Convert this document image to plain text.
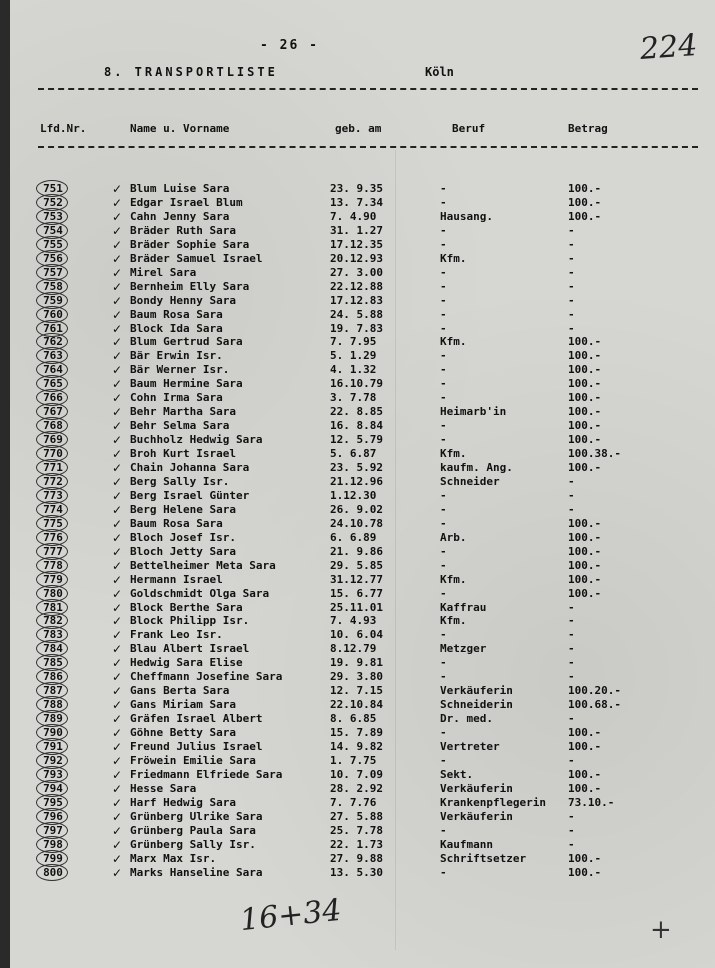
- 26 -	224
8. TRANSPORTLISTE	Köln
Lfd.Nr.	Name u. Vorname	geb. am	Beruf	Betrag
751	✓ Blum Luise Sara	23. 9.35	-	100.-
752	✓ Edgar Israel Blum	13. 7.34	-	100.-
753	✓ Cahn Jenny Sara	7. 4.90	Hausang.	100.-
754	✓ Bräder Ruth Sara	31. 1.27	-	-
755	✓ Bräder Sophie Sara	17.12.35	-	-
756	✓ Bräder Samuel Israel	20.12.93	Kfm.	-
757	✓ Mirel Sara	27. 3.00	-	-
758	✓ Bernheim Elly Sara	22.12.88	-	-
759	✓ Bondy Henny Sara	17.12.83	-	-
760	✓ Baum Rosa Sara	24. 5.88	-	-
761	✓ Block Ida Sara	19. 7.83	-	-
762	✓ Blum Gertrud Sara	7. 7.95	Kfm.	100.-
763	✓ Bär Erwin Isr.	5. 1.29	-	100.-
764	✓ Bär Werner Isr.	4. 1.32	-	100.-
765	✓ Baum Hermine Sara	16.10.79	-	100.-
766	✓ Cohn Irma Sara	3. 7.78	-	100.-
767	✓ Behr Martha Sara	22. 8.85	Heimarb'in	100.-
768	✓ Behr Selma Sara	16. 8.84	-	100.-
769	✓ Buchholz Hedwig Sara	12. 5.79	-	100.-
770	✓ Broh Kurt Israel	5. 6.87	Kfm.	100.38.-
771	✓ Chain Johanna Sara	23. 5.92	kaufm. Ang.	100.-
772	✓ Berg Sally Isr.	21.12.96	Schneider	-
773	✓ Berg Israel Günter	1.12.30	-	-
774	✓ Berg Helene Sara	26. 9.02	-	-
775	✓ Baum Rosa Sara	24.10.78	-	100.-
776	✓ Bloch Josef Isr.	6. 6.89	Arb.	100.-
777	✓ Bloch Jetty Sara	21. 9.86	-	100.-
778	✓ Bettelheimer Meta Sara	29. 5.85	-	100.-
779	✓ Hermann Israel	31.12.77	Kfm.	100.-
780	✓ Goldschmidt Olga Sara	15. 6.77	-	100.-
781	✓ Block Berthe Sara	25.11.01	Kaffrau	-
782	✓ Block Philipp Isr.	7. 4.93	Kfm.	-
783	✓ Frank Leo Isr.	10. 6.04	-	-
784	✓ Blau Albert Israel	8.12.79	Metzger	-
785	✓ Hedwig Sara Elise	19. 9.81	-	-
786	✓ Cheffmann Josefine Sara	29. 3.80	-	-
787	✓ Gans Berta Sara	12. 7.15	Verkäuferin	100.20.-
788	✓ Gans Miriam Sara	22.10.84	Schneiderin	100.68.-
789	✓ Gräfen Israel Albert	8. 6.85	Dr. med.	-
790	✓ Göhne Betty Sara	15. 7.89	-	100.-
791	✓ Freund Julius Israel	14. 9.82	Vertreter	100.-
792	✓ Fröwein Emilie Sara	1. 7.75	-	-
793	✓ Friedmann Elfriede Sara	10. 7.09	Sekt.	100.-
794	✓ Hesse Sara	28. 2.92	Verkäuferin	100.-
795	✓ Harf Hedwig Sara	7. 7.76	Krankenpflegerin 73.10.-
796	✓ Grünberg Ulrike Sara	27. 5.88	Verkäuferin	-
797	✓ Grünberg Paula Sara	25. 7.78	-	-
798	✓ Grünberg Sally Isr.	22. 1.73	Kaufmann	-
799	✓ Marx Max Isr.	27. 9.88	Schriftsetzer	100.-
800	✓ Marks Hanseline Sara	13. 5.30	-	100.-
16+34	+
